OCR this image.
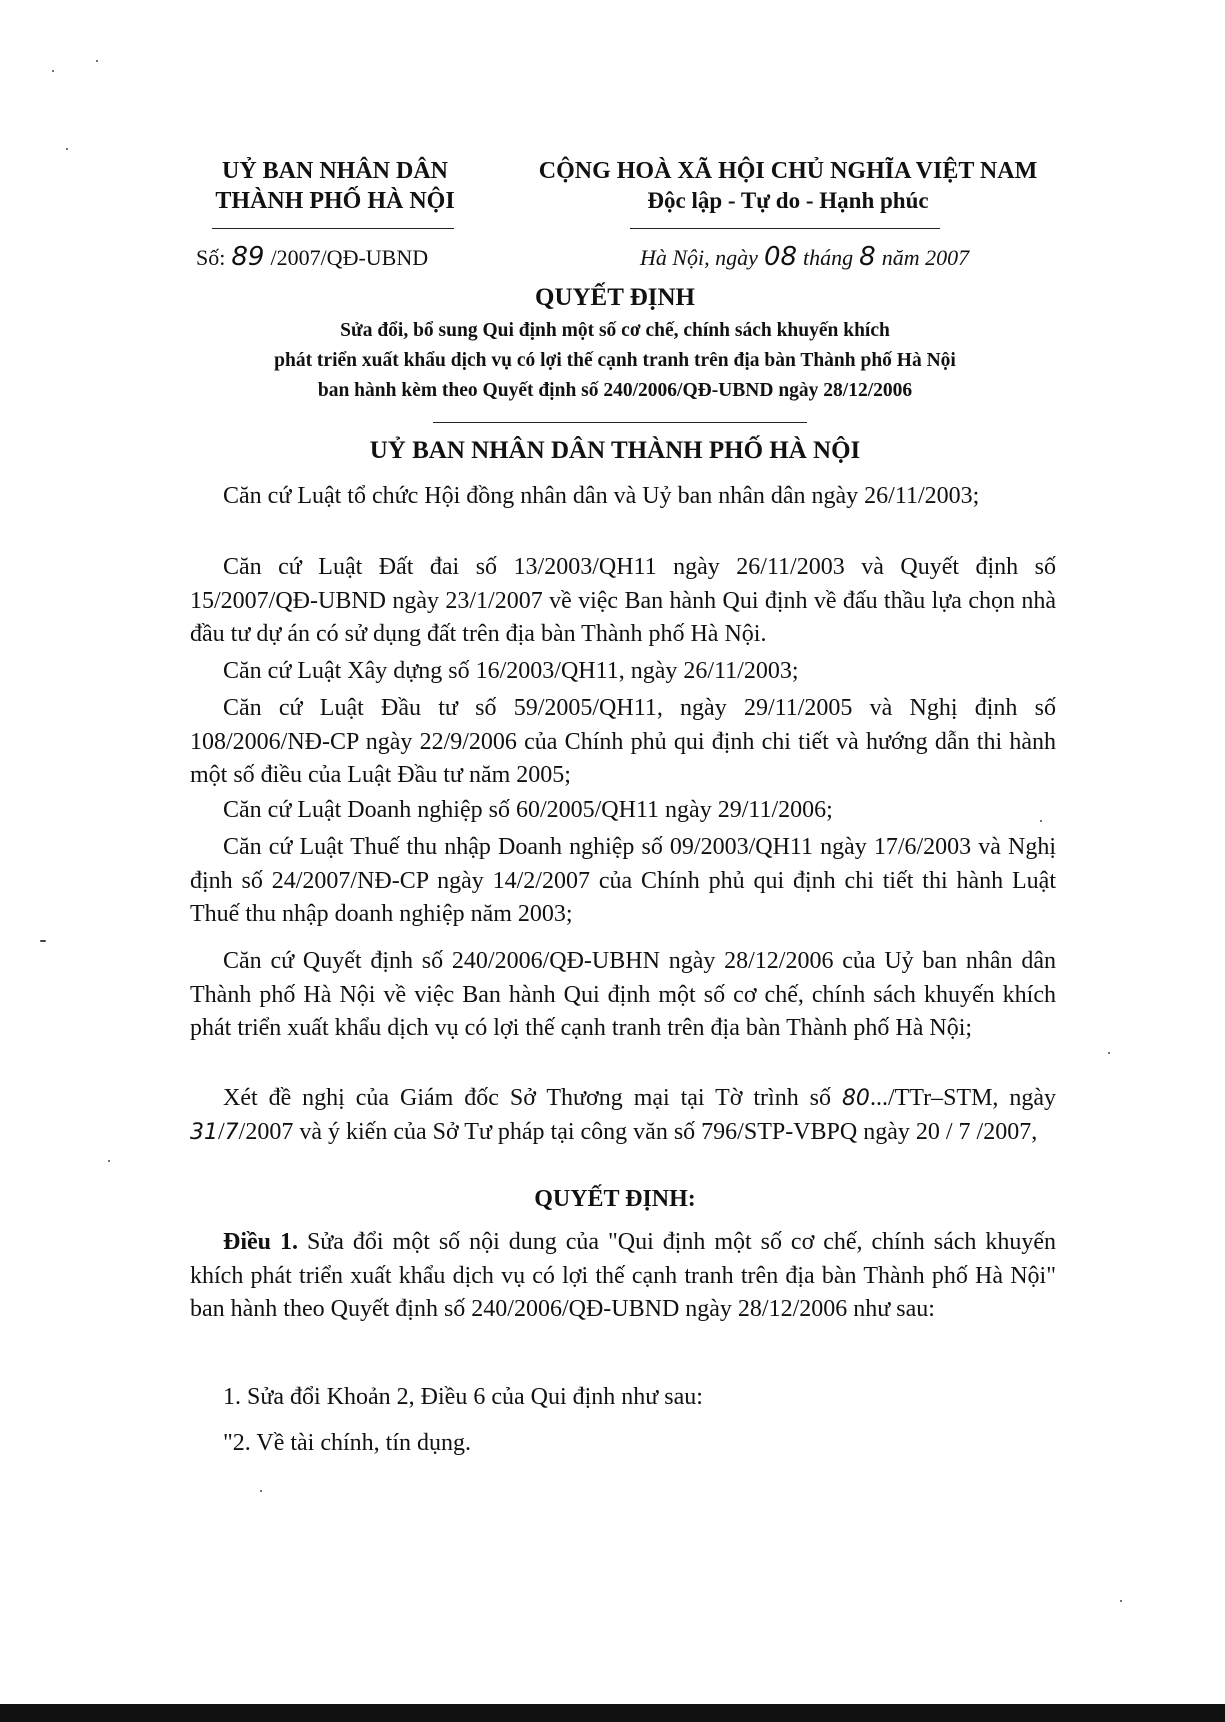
UỶ BAN NHÂN DÂN
THÀNH PHỐ HÀ NỘI
CỘNG HOÀ XÃ HỘI CHỦ NGHĨA VIỆT NAM
Độc lập - Tự do - Hạnh phúc
Số: 89 /2007/QĐ-UBND	Hà Nội, ngày 08 tháng 8 năm 2007
QUYẾT ĐỊNH
Sửa đổi, bổ sung Qui định một số cơ chế, chính sách khuyến khích
phát triển xuất khẩu dịch vụ có lợi thế cạnh tranh trên địa bàn Thành phố Hà Nội
ban hành kèm theo Quyết định số 240/2006/QĐ-UBND ngày 28/12/2006
UỶ BAN NHÂN DÂN THÀNH PHỐ HÀ NỘI

Căn cứ Luật tổ chức Hội đồng nhân dân và Uỷ ban nhân dân ngày 26/11/2003;

Căn cứ Luật Đất đai số 13/2003/QH11 ngày 26/11/2003 và Quyết định số 15/2007/QĐ-UBND ngày 23/1/2007 về việc Ban hành Qui định về đấu thầu lựa chọn nhà đầu tư dự án có sử dụng đất trên địa bàn Thành phố Hà Nội.

Căn cứ Luật Xây dựng số 16/2003/QH11, ngày 26/11/2003;

Căn cứ Luật Đầu tư số 59/2005/QH11, ngày 29/11/2005 và Nghị định số 108/2006/NĐ-CP ngày 22/9/2006 của Chính phủ qui định chi tiết và hướng dẫn thi hành một số điều của Luật Đầu tư năm 2005;

Căn cứ Luật Doanh nghiệp số 60/2005/QH11 ngày 29/11/2006;

Căn cứ Luật Thuế thu nhập Doanh nghiệp số 09/2003/QH11 ngày 17/6/2003 và Nghị định số 24/2007/NĐ-CP ngày 14/2/2007 của Chính phủ qui định chi tiết thi hành Luật Thuế thu nhập doanh nghiệp năm 2003;

Căn cứ Quyết định số 240/2006/QĐ-UBHN ngày 28/12/2006 của Uỷ ban nhân dân Thành phố Hà Nội về việc Ban hành Qui định một số cơ chế, chính sách khuyến khích phát triển xuất khẩu dịch vụ có lợi thế cạnh tranh trên địa bàn Thành phố Hà Nội;

Xét đề nghị của Giám đốc Sở Thương mại tại Tờ trình số 80.../TTr–STM, ngày 31/7/2007 và ý kiến của Sở Tư pháp tại công văn số 796/STP-VBPQ ngày 20 / 7 /2007,

QUYẾT ĐỊNH:

Điều 1. Sửa đổi một số nội dung của "Qui định một số cơ chế, chính sách khuyến khích phát triển xuất khẩu dịch vụ có lợi thế cạnh tranh trên địa bàn Thành phố Hà Nội" ban hành theo Quyết định số 240/2006/QĐ-UBND ngày 28/12/2006 như sau:

1. Sửa đổi Khoản 2, Điều 6 của Qui định như sau:

"2. Về tài chính, tín dụng.
